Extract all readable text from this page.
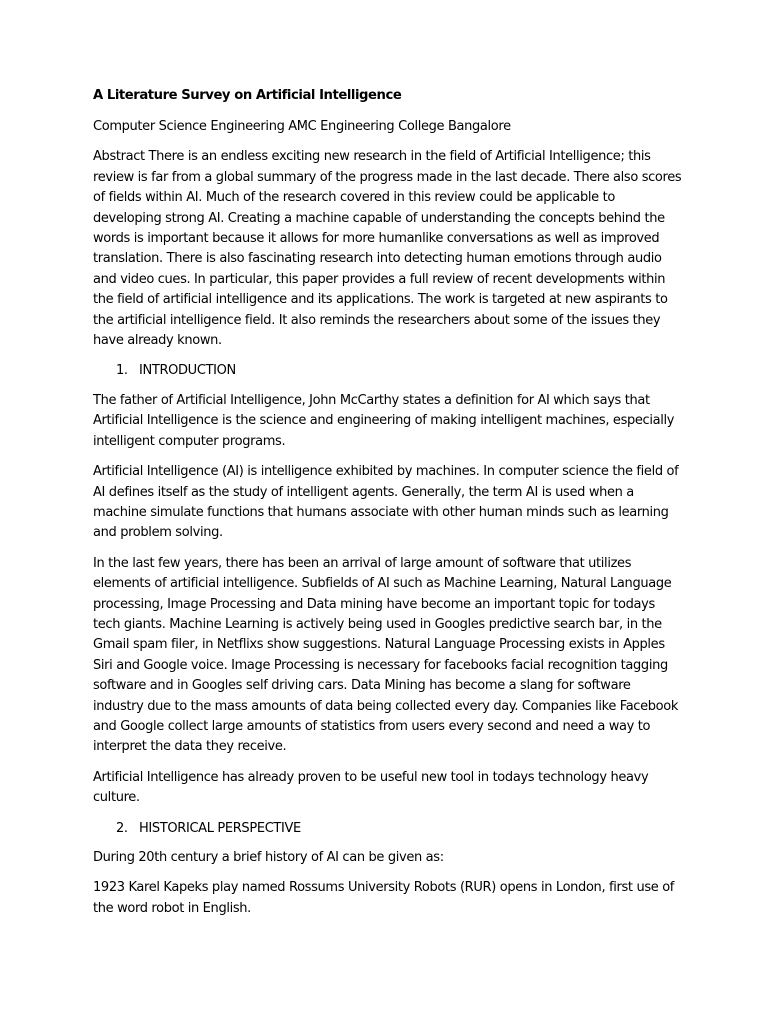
A Literature Survey on Artificial Intelligence

Computer Science Engineering AMC Engineering College Bangalore

Abstract There is an endless exciting new research in the field of Artificial Intelligence; this review is far from a global summary of the progress made in the last decade. There also scores of fields within AI. Much of the research covered in this review could be applicable to developing strong AI. Creating a machine capable of understanding the concepts behind the words is important because it allows for more humanlike conversations as well as improved translation. There is also fascinating research into detecting human emotions through audio and video cues. In particular, this paper provides a full review of recent developments within the field of artificial intelligence and its applications. The work is targeted at new aspirants to the artificial intelligence field. It also reminds the researchers about some of the issues they have already known.

1. INTRODUCTION

The father of Artificial Intelligence, John McCarthy states a definition for AI which says that Artificial Intelligence is the science and engineering of making intelligent machines, especially intelligent computer programs.

Artificial Intelligence (AI) is intelligence exhibited by machines. In computer science the field of AI defines itself as the study of intelligent agents. Generally, the term AI is used when a machine simulate functions that humans associate with other human minds such as learning and problem solving.

In the last few years, there has been an arrival of large amount of software that utilizes elements of artificial intelligence. Subfields of AI such as Machine Learning, Natural Language processing, Image Processing and Data mining have become an important topic for todays tech giants. Machine Learning is actively being used in Googles predictive search bar, in the Gmail spam filer, in Netflixs show suggestions. Natural Language Processing exists in Apples Siri and Google voice. Image Processing is necessary for facebooks facial recognition tagging software and in Googles self driving cars. Data Mining has become a slang for software industry due to the mass amounts of data being collected every day. Companies like Facebook and Google collect large amounts of statistics from users every second and need a way to interpret the data they receive.

Artificial Intelligence has already proven to be useful new tool in todays technology heavy culture.

2. HISTORICAL PERSPECTIVE

During 20th century a brief history of AI can be given as:

1923 Karel Kapeks play named Rossums University Robots (RUR) opens in London, first use of the word robot in English.
